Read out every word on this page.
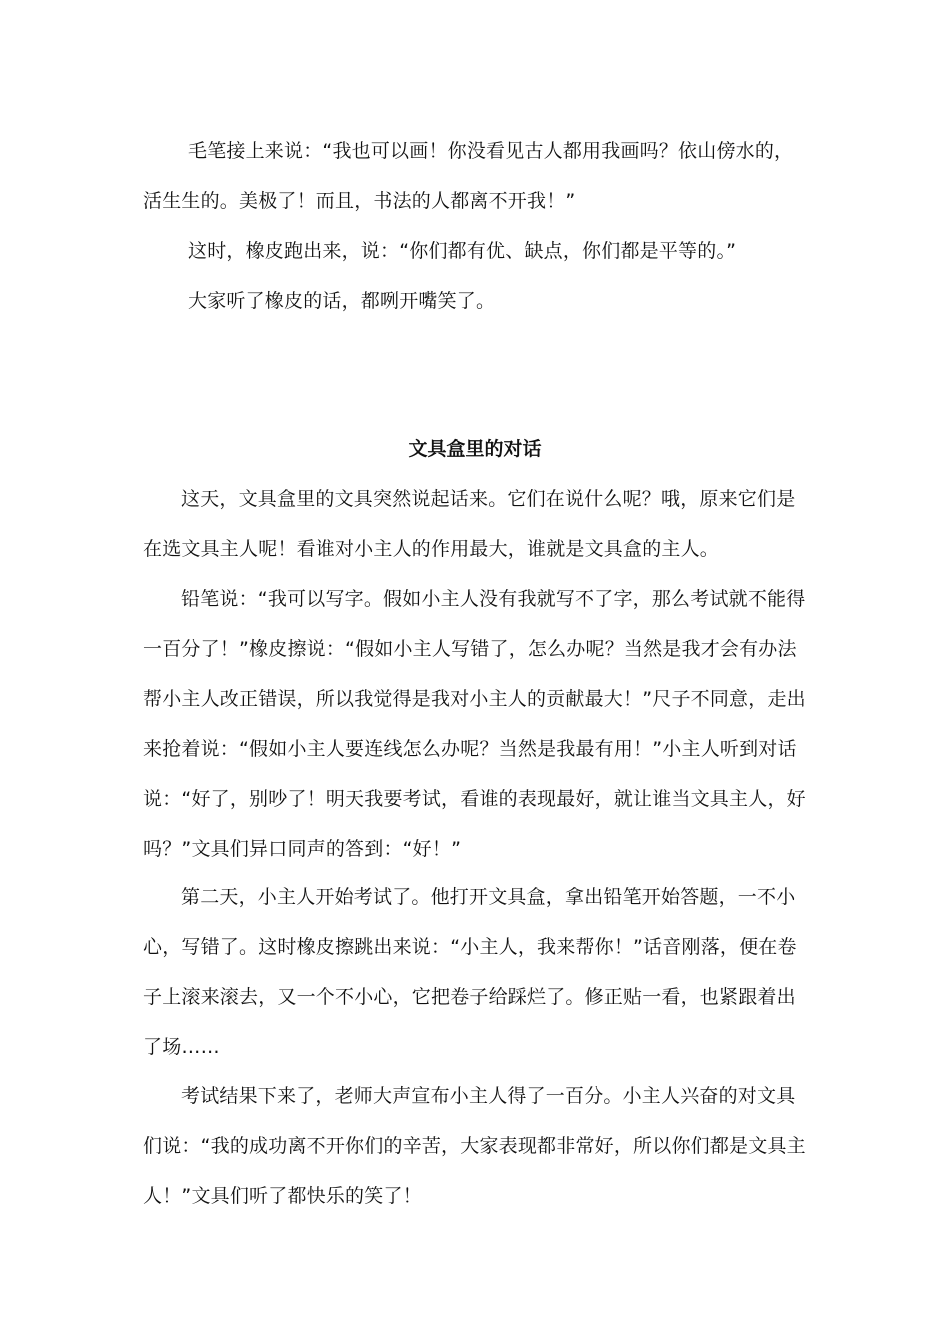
毛笔接上来说：“我也可以画！你没看见古人都用我画吗？依山傍水的，活生生的。美极了！而且，书法的人都离不开我！”

这时，橡皮跑出来，说：“你们都有优、缺点，你们都是平等的。”

大家听了橡皮的话，都咧开嘴笑了。

文具盒里的对话

这天，文具盒里的文具突然说起话来。它们在说什么呢？哦，原来它们是在选文具主人呢！看谁对小主人的作用最大，谁就是文具盒的主人。

铅笔说：“我可以写字。假如小主人没有我就写不了字，那么考试就不能得一百分了！”橡皮擦说：“假如小主人写错了，怎么办呢？当然是我才会有办法帮小主人改正错误，所以我觉得是我对小主人的贡献最大！”尺子不同意，走出来抢着说：“假如小主人要连线怎么办呢？当然是我最有用！”小主人听到对话说：“好了，别吵了！明天我要考试，看谁的表现最好，就让谁当文具主人，好吗？”文具们异口同声的答到：“好！”

第二天，小主人开始考试了。他打开文具盒，拿出铅笔开始答题，一不小心，写错了。这时橡皮擦跳出来说：“小主人，我来帮你！”话音刚落，便在卷子上滚来滚去，又一个不小心，它把卷子给踩烂了。修正贴一看，也紧跟着出了场……

考试结果下来了，老师大声宣布小主人得了一百分。小主人兴奋的对文具们说：“我的成功离不开你们的辛苦，大家表现都非常好，所以你们都是文具主人！”文具们听了都快乐的笑了！
